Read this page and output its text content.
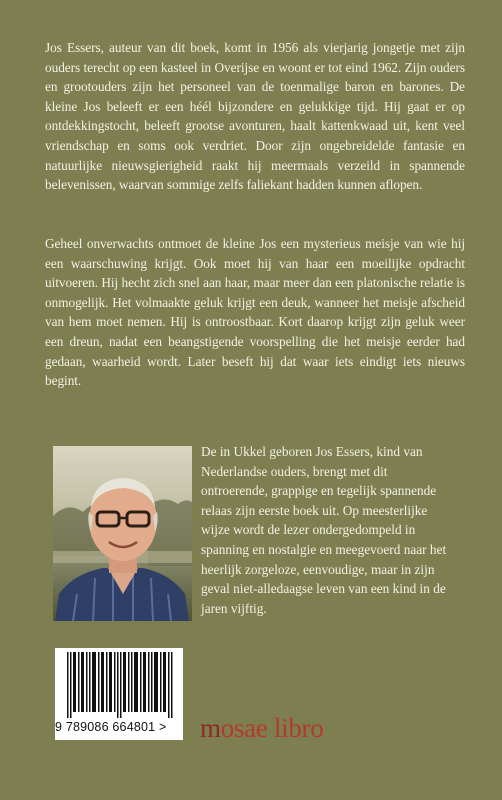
Jos Essers, auteur van dit boek, komt in 1956 als vierjarig jongetje met zijn ouders terecht op een kasteel in Overijse en woont er tot eind 1962. Zijn ouders en grootouders zijn het personeel van de toenmalige baron en barones. De kleine Jos beleeft er een héél bijzondere en gelukkige tijd. Hij gaat er op ontdekkingstocht, beleeft grootse avonturen, haalt kattenkwaad uit, kent veel vriendschap en soms ook verdriet. Door zijn ongebreidelde fantasie en natuurlijke nieuwsgierigheid raakt hij meermaals verzeild in spannende belevenissen, waarvan sommige zelfs faliekant hadden kunnen aflopen.

Geheel onverwachts ontmoet de kleine Jos een mysterieus meisje van wie hij een waarschuwing krijgt. Ook moet hij van haar een moeilijke opdracht uitvoeren. Hij hecht zich snel aan haar, maar meer dan een platonische relatie is onmogelijk. Het volmaakte geluk krijgt een deuk, wanneer het meisje afscheid van hem moet nemen. Hij is ontroostbaar. Kort daarop krijgt zijn geluk weer een dreun, nadat een beangstigende voorspelling die het meisje eerder had gedaan, waarheid wordt. Later beseft hij dat waar iets eindigt iets nieuws begint.

De in Ukkel geboren Jos Essers, kind van Nederlandse ouders, brengt met dit ontroerende, grappige en tegelijk spannende relaas zijn eerste boek uit. Op meesterlijke wijze wordt de lezer ondergedompeld in spanning en nostalgie en meegevoerd naar het heerlijk zorgeloze, eenvoudige, maar in zijn geval niet-alledaagse leven van een kind in de jaren vijftig.

9 789086 664801 >	mosae libro
